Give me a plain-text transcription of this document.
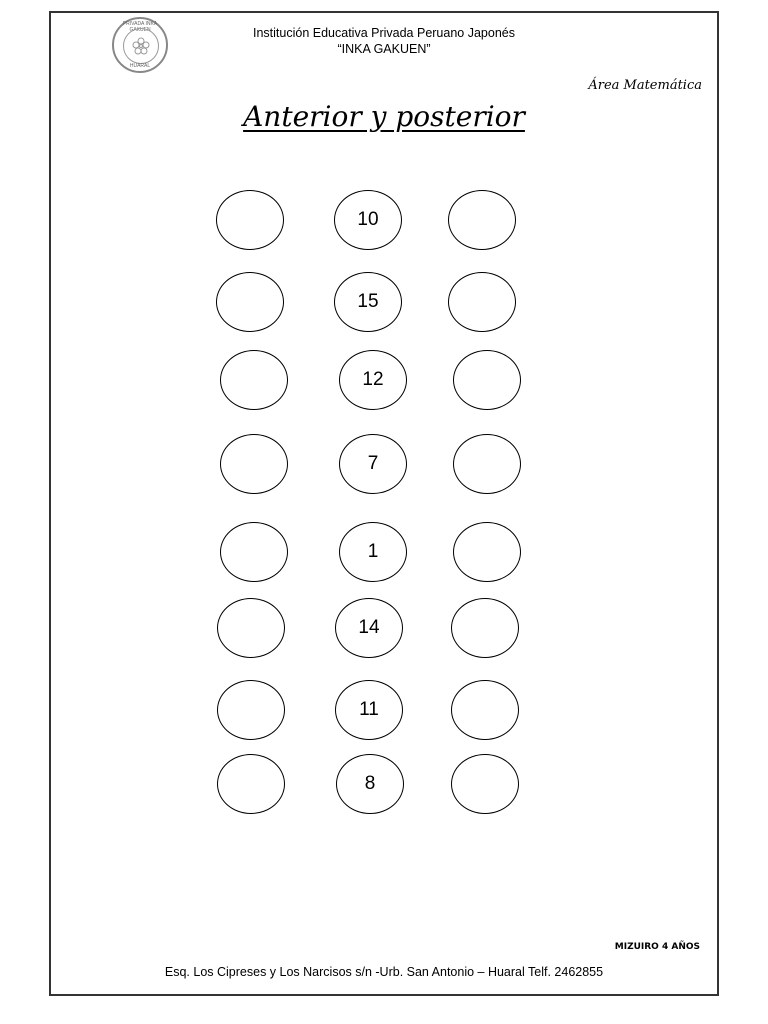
PRIVADA INKA GAKUEN
HUARAL
Institución Educativa Privada Peruano Japonés
“INKA GAKUEN”
Área Matemática
Anterior y posterior
10
15
12
7
1
14
11
8
MIZUIRO 4 AÑOS
Esq. Los Cipreses y Los Narcisos s/n -Urb. San Antonio – Huaral Telf. 2462855
